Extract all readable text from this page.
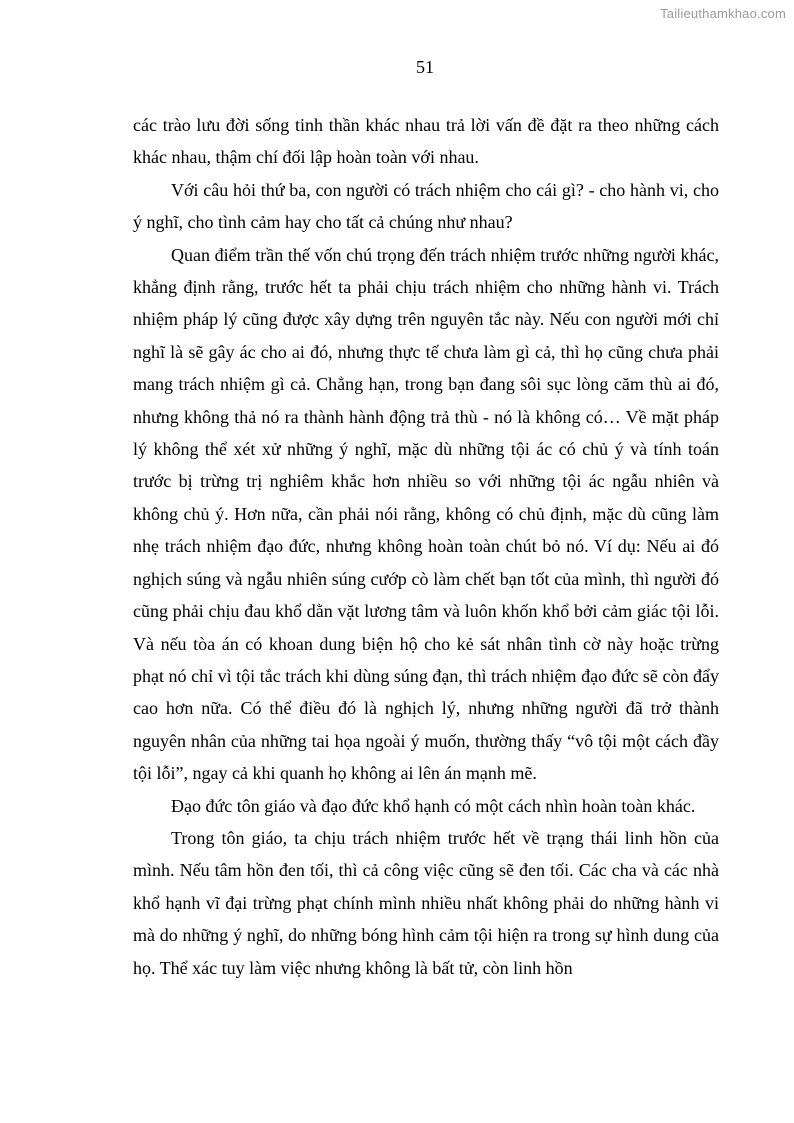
Tailieuthamkhao.com
51

các trào lưu đời sống tinh thần khác nhau trả lời vấn đề đặt ra theo những cách khác nhau, thậm chí đối lập hoàn toàn với nhau.

Với câu hỏi thứ ba, con người có trách nhiệm cho cái gì? - cho hành vi, cho ý nghĩ, cho tình cảm hay cho tất cả chúng như nhau?

Quan điểm trần thế vốn chú trọng đến trách nhiệm trước những người khác, khẳng định rằng, trước hết ta phải chịu trách nhiệm cho những hành vi. Trách nhiệm pháp lý cũng được xây dựng trên nguyên tắc này. Nếu con người mới chỉ nghĩ là sẽ gây ác cho ai đó, nhưng thực tế chưa làm gì cả, thì họ cũng chưa phải mang trách nhiệm gì cả. Chẳng hạn, trong bạn đang sôi sục lòng căm thù ai đó, nhưng không thả nó ra thành hành động trả thù - nó là không có… Về mặt pháp lý không thể xét xử những ý nghĩ, mặc dù những tội ác có chủ ý và tính toán trước bị trừng trị nghiêm khắc hơn nhiều so với những tội ác ngẫu nhiên và không chủ ý. Hơn nữa, cần phải nói rằng, không có chủ định, mặc dù cũng làm nhẹ trách nhiệm đạo đức, nhưng không hoàn toàn chút bỏ nó. Ví dụ: Nếu ai đó nghịch súng và ngẫu nhiên súng cướp cò làm chết bạn tốt của mình, thì người đó cũng phải chịu đau khổ dằn vặt lương tâm và luôn khốn khổ bởi cảm giác tội lỗi. Và nếu tòa án có khoan dung biện hộ cho kẻ sát nhân tình cờ này hoặc trừng phạt nó chỉ vì tội tắc trách khi dùng súng đạn, thì trách nhiệm đạo đức sẽ còn đẩy cao hơn nữa. Có thể điều đó là nghịch lý, nhưng những người đã trở thành nguyên nhân của những tai họa ngoài ý muốn, thường thấy “vô tội một cách đầy tội lỗi”, ngay cả khi quanh họ không ai lên án mạnh mẽ.

Đạo đức tôn giáo và đạo đức khổ hạnh có một cách nhìn hoàn toàn khác.

Trong tôn giáo, ta chịu trách nhiệm trước hết về trạng thái linh hồn của mình. Nếu tâm hồn đen tối, thì cả công việc cũng sẽ đen tối. Các cha và các nhà khổ hạnh vĩ đại trừng phạt chính mình nhiều nhất không phải do những hành vi mà do những ý nghĩ, do những bóng hình cảm tội hiện ra trong sự hình dung của họ. Thể xác tuy làm việc nhưng không là bất tử, còn linh hồn
